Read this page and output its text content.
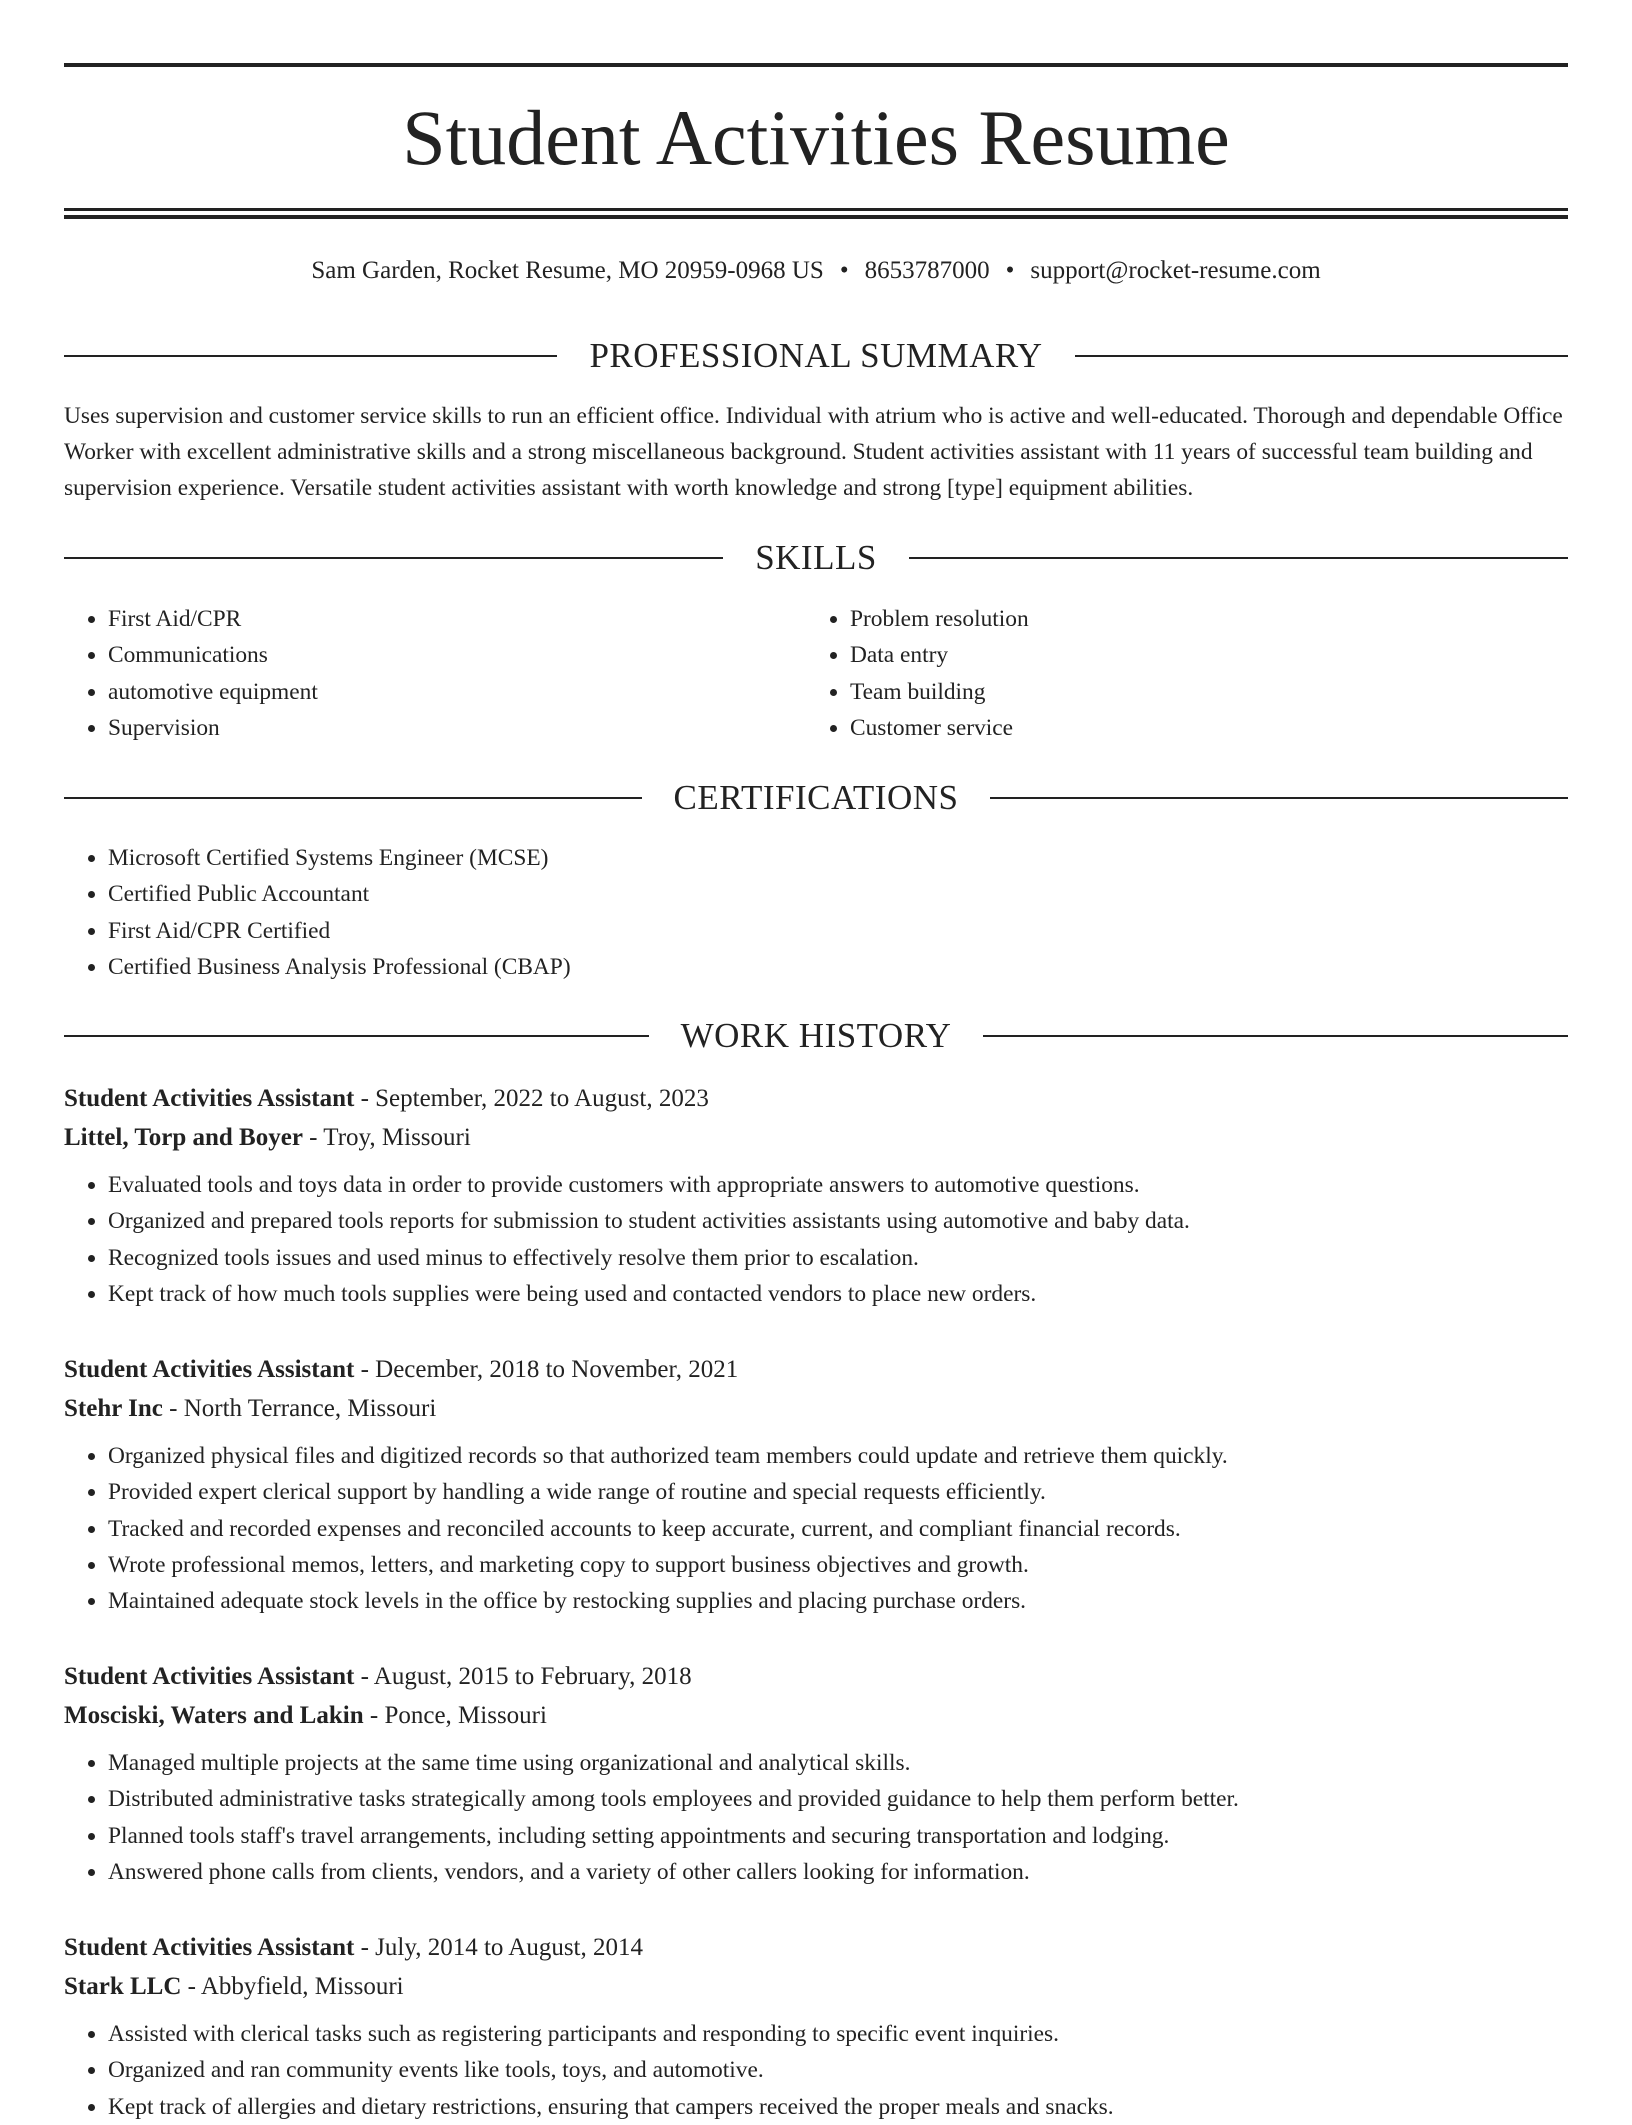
Student Activities Resume
Sam Garden, Rocket Resume, MO 20959-0968 US • 8653787000 • support@rocket-resume.com
PROFESSIONAL SUMMARY

Uses supervision and customer service skills to run an efficient office. Individual with atrium who is active and well-educated. Thorough and dependable Office Worker with excellent administrative skills and a strong miscellaneous background. Student activities assistant with 11 years of successful team building and supervision experience. Versatile student activities assistant with worth knowledge and strong [type] equipment abilities.

SKILLS
• First Aid/CPR
• Communications
• automotive equipment
• Supervision
• Problem resolution
• Data entry
• Team building
• Customer service
CERTIFICATIONS
• Microsoft Certified Systems Engineer (MCSE)
• Certified Public Accountant
• First Aid/CPR Certified
• Certified Business Analysis Professional (CBAP)
WORK HISTORY
Student Activities Assistant - September, 2022 to August, 2023
Littel, Torp and Boyer - Troy, Missouri
• Evaluated tools and toys data in order to provide customers with appropriate answers to automotive questions.
• Organized and prepared tools reports for submission to student activities assistants using automotive and baby data.
• Recognized tools issues and used minus to effectively resolve them prior to escalation.
• Kept track of how much tools supplies were being used and contacted vendors to place new orders.
Student Activities Assistant - December, 2018 to November, 2021
Stehr Inc - North Terrance, Missouri
• Organized physical files and digitized records so that authorized team members could update and retrieve them quickly.
• Provided expert clerical support by handling a wide range of routine and special requests efficiently.
• Tracked and recorded expenses and reconciled accounts to keep accurate, current, and compliant financial records.
• Wrote professional memos, letters, and marketing copy to support business objectives and growth.
• Maintained adequate stock levels in the office by restocking supplies and placing purchase orders.
Student Activities Assistant - August, 2015 to February, 2018
Mosciski, Waters and Lakin - Ponce, Missouri
• Managed multiple projects at the same time using organizational and analytical skills.
• Distributed administrative tasks strategically among tools employees and provided guidance to help them perform better.
• Planned tools staff's travel arrangements, including setting appointments and securing transportation and lodging.
• Answered phone calls from clients, vendors, and a variety of other callers looking for information.
Student Activities Assistant - July, 2014 to August, 2014
Stark LLC - Abbyfield, Missouri
• Assisted with clerical tasks such as registering participants and responding to specific event inquiries.
• Organized and ran community events like tools, toys, and automotive.
• Kept track of allergies and dietary restrictions, ensuring that campers received the proper meals and snacks.
